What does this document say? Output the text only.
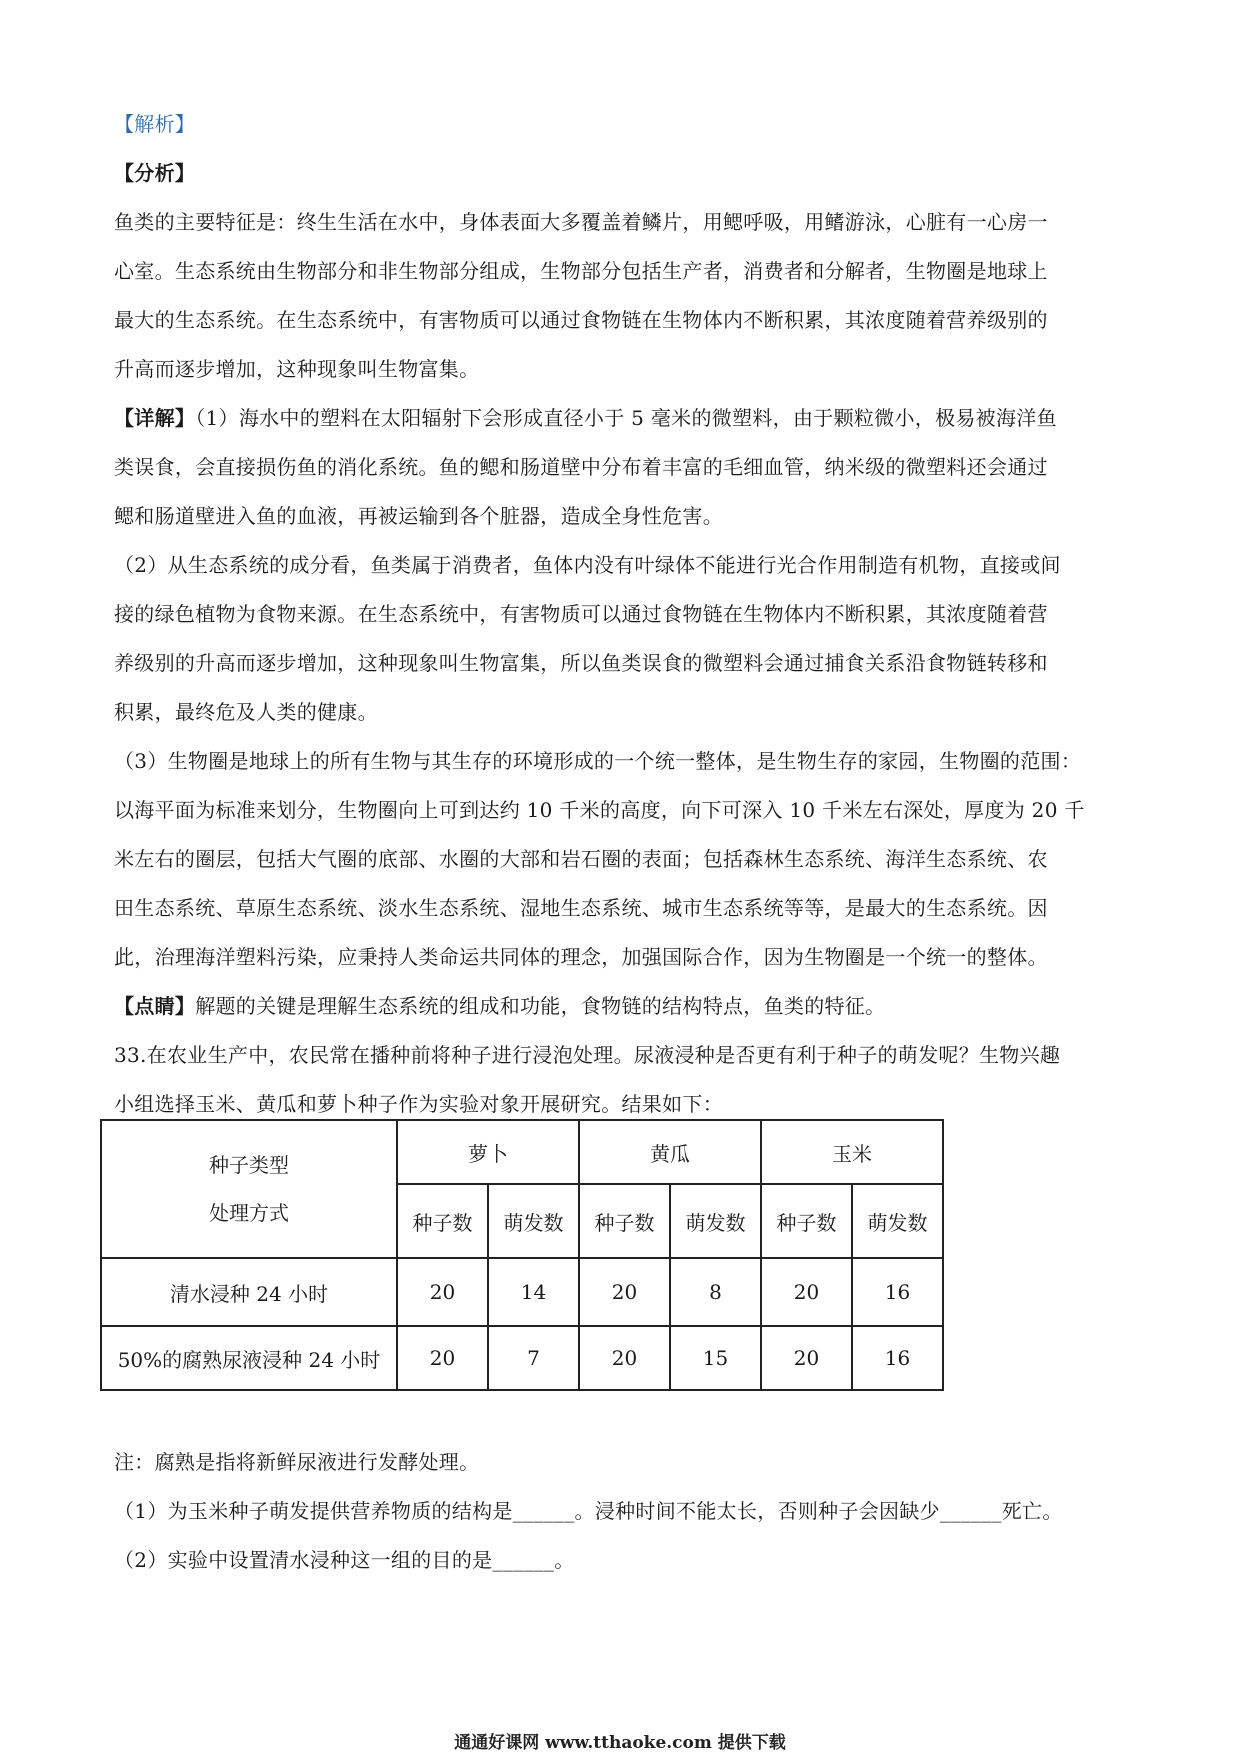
【解析】
【分析】
鱼类的主要特征是：终生生活在水中，身体表面大多覆盖着鳞片，用鳃呼吸，用鳍游泳，心脏有一心房一
心室。生态系统由生物部分和非生物部分组成，生物部分包括生产者，消费者和分解者，生物圈是地球上
最大的生态系统。在生态系统中，有害物质可以通过食物链在生物体内不断积累，其浓度随着营养级别的
升高而逐步增加，这种现象叫生物富集。
【详解】（1）海水中的塑料在太阳辐射下会形成直径小于 5 毫米的微塑料，由于颗粒微小，极易被海洋鱼
类误食，会直接损伤鱼的消化系统。鱼的鳃和肠道壁中分布着丰富的毛细血管，纳米级的微塑料还会通过
鳃和肠道壁进入鱼的血液，再被运输到各个脏器，造成全身性危害。
（2）从生态系统的成分看，鱼类属于消费者，鱼体内没有叶绿体不能进行光合作用制造有机物，直接或间
接的绿色植物为食物来源。在生态系统中，有害物质可以通过食物链在生物体内不断积累，其浓度随着营
养级别的升高而逐步增加，这种现象叫生物富集，所以鱼类误食的微塑料会通过捕食关系沿食物链转移和
积累，最终危及人类的健康。
（3）生物圈是地球上的所有生物与其生存的环境形成的一个统一整体，是生物生存的家园，生物圈的范围：
以海平面为标准来划分，生物圈向上可到达约 10 千米的高度，向下可深入 10 千米左右深处，厚度为 20 千
米左右的圈层，包括大气圈的底部、水圈的大部和岩石圈的表面；包括森林生态系统、海洋生态系统、农
田生态系统、草原生态系统、淡水生态系统、湿地生态系统、城市生态系统等等，是最大的生态系统。因
此，治理海洋塑料污染，应秉持人类命运共同体的理念，加强国际合作，因为生物圈是一个统一的整体。
【点睛】解题的关键是理解生态系统的组成和功能，食物链的结构特点，鱼类的特征。
33.在农业生产中，农民常在播种前将种子进行浸泡处理。尿液浸种是否更有利于种子的萌发呢？生物兴趣
小组选择玉米、黄瓜和萝卜种子作为实验对象开展研究。结果如下：
种子类型
处理方式	萝卜		黄瓜		玉米	
	种子数	萌发数	种子数	萌发数	种子数	萌发数
清水浸种 24 小时	20	14	20	8	20	16
50%的腐熟尿液浸种 24 小时	20	7	20	15	20	16
注：腐熟是指将新鲜尿液进行发酵处理。
（1）为玉米种子萌发提供营养物质的结构是______。浸种时间不能太长，否则种子会因缺少______死亡。
（2）实验中设置清水浸种这一组的目的是______。
通通好课网 www.tthaoke.com 提供下载
